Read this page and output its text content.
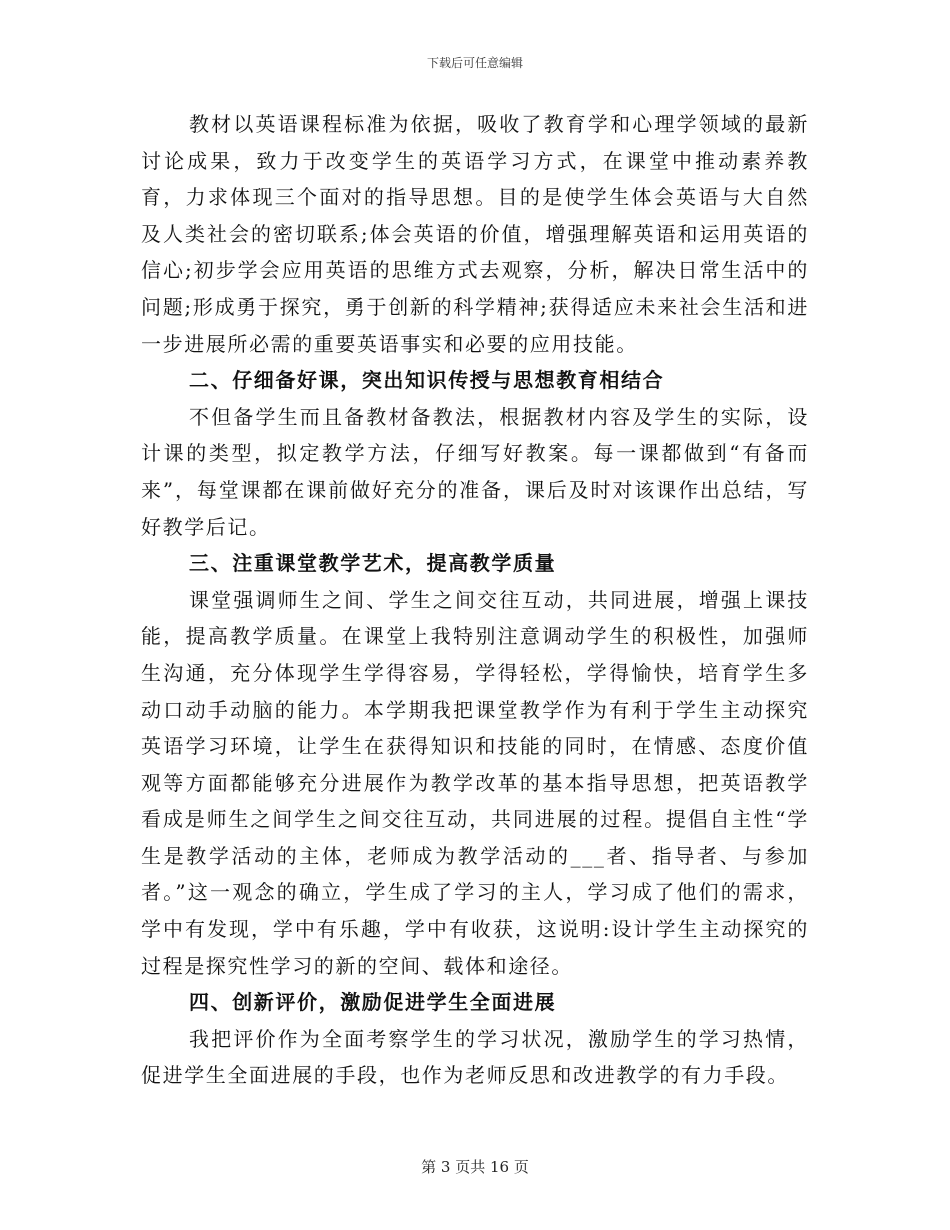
下载后可任意编辑

教材以英语课程标准为依据，吸收了教育学和心理学领域的最新讨论成果，致力于改变学生的英语学习方式，在课堂中推动素养教育，力求体现三个面对的指导思想。目的是使学生体会英语与大自然及人类社会的密切联系;体会英语的价值，增强理解英语和运用英语的信心;初步学会应用英语的思维方式去观察，分析，解决日常生活中的问题;形成勇于探究，勇于创新的科学精神;获得适应未来社会生活和进一步进展所必需的重要英语事实和必要的应用技能。

二、仔细备好课，突出知识传授与思想教育相结合

不但备学生而且备教材备教法，根据教材内容及学生的实际，设计课的类型，拟定教学方法，仔细写好教案。每一课都做到“有备而来”，每堂课都在课前做好充分的准备，课后及时对该课作出总结，写好教学后记。

三、注重课堂教学艺术，提高教学质量

课堂强调师生之间、学生之间交往互动，共同进展，增强上课技能，提高教学质量。在课堂上我特别注意调动学生的积极性，加强师生沟通，充分体现学生学得容易，学得轻松，学得愉快，培育学生多动口动手动脑的能力。本学期我把课堂教学作为有利于学生主动探究英语学习环境，让学生在获得知识和技能的同时，在情感、态度价值观等方面都能够充分进展作为教学改革的基本指导思想，把英语教学看成是师生之间学生之间交往互动，共同进展的过程。提倡自主性“学生是教学活动的主体，老师成为教学活动的___者、指导者、与参加者。”这一观念的确立，学生成了学习的主人，学习成了他们的需求，学中有发现，学中有乐趣，学中有收获，这说明:设计学生主动探究的过程是探究性学习的新的空间、载体和途径。

四、创新评价，激励促进学生全面进展

我把评价作为全面考察学生的学习状况，激励学生的学习热情，促进学生全面进展的手段，也作为老师反思和改进教学的有力手段。

第 3 页共 16 页
